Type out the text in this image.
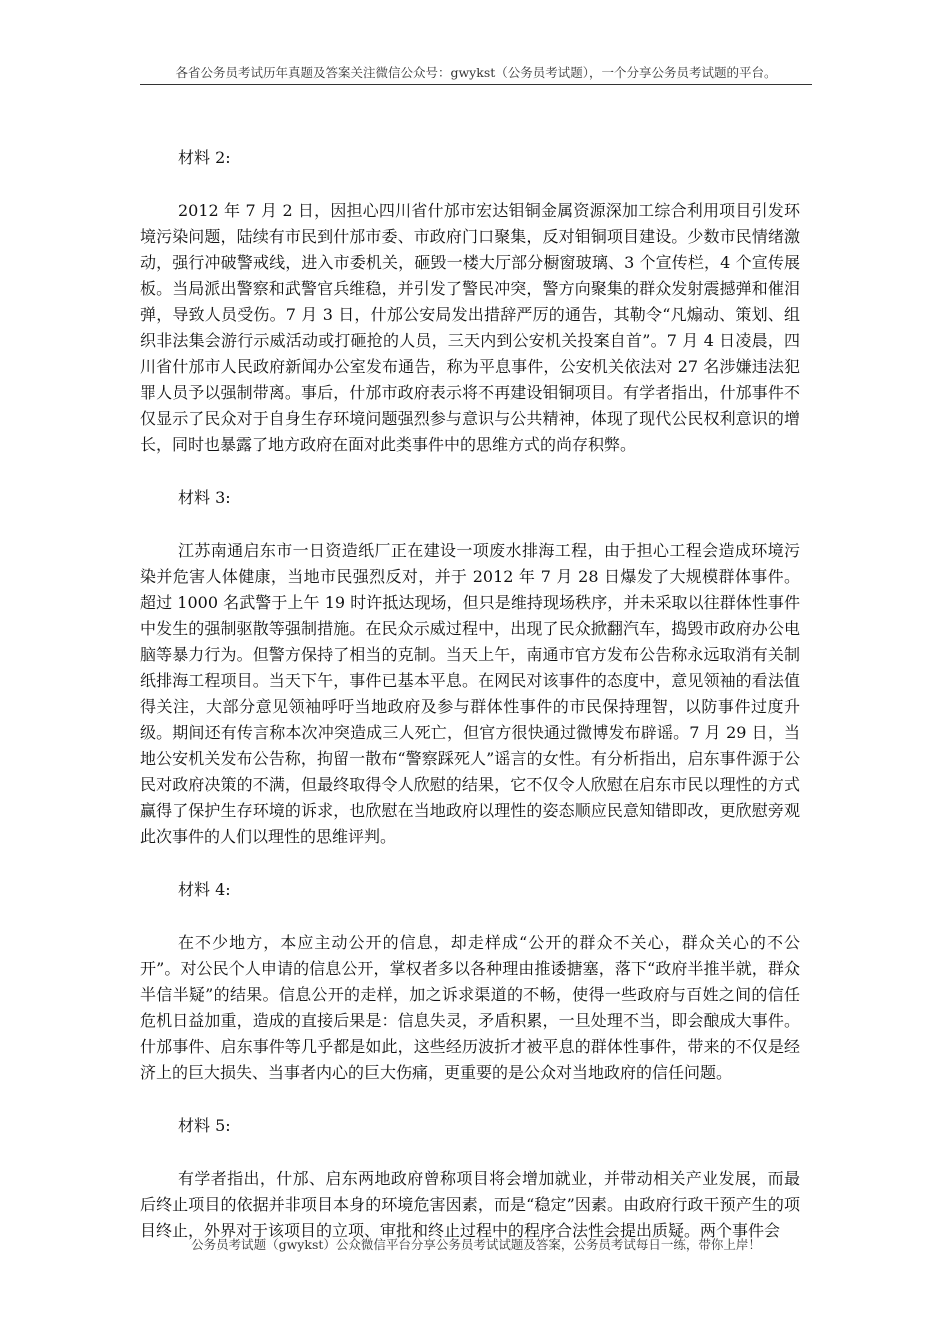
各省公务员考试历年真题及答案关注微信公众号：gwykst（公务员考试题），一个分享公务员考试题的平台。

材料 2:

2012 年 7 月 2 日，因担心四川省什邡市宏达钼铜金属资源深加工综合利用项目引发环境污染问题，陆续有市民到什邡市委、市政府门口聚集，反对钼铜项目建设。少数市民情绪激动，强行冲破警戒线，进入市委机关，砸毁一楼大厅部分橱窗玻璃、3 个宣传栏，4 个宣传展板。当局派出警察和武警官兵维稳，并引发了警民冲突，警方向聚集的群众发射震撼弹和催泪弹，导致人员受伤。7 月 3 日，什邡公安局发出措辞严厉的通告，其勒令“凡煽动、策划、组织非法集会游行示威活动或打砸抢的人员，三天内到公安机关投案自首”。7 月 4 日凌晨，四川省什邡市人民政府新闻办公室发布通告，称为平息事件，公安机关依法对 27 名涉嫌违法犯罪人员予以强制带离。事后，什邡市政府表示将不再建设钼铜项目。有学者指出，什邡事件不仅显示了民众对于自身生存环境问题强烈参与意识与公共精神，体现了现代公民权利意识的增长，同时也暴露了地方政府在面对此类事件中的思维方式的尚存积弊。

材料 3:

江苏南通启东市一日资造纸厂正在建设一项废水排海工程，由于担心工程会造成环境污染并危害人体健康，当地市民强烈反对，并于 2012 年 7 月 28 日爆发了大规模群体事件。超过 1000 名武警于上午 19 时许抵达现场，但只是维持现场秩序，并未采取以往群体性事件中发生的强制驱散等强制措施。在民众示威过程中，出现了民众掀翻汽车，捣毁市政府办公电脑等暴力行为。但警方保持了相当的克制。当天上午，南通市官方发布公告称永远取消有关制纸排海工程项目。当天下午，事件已基本平息。在网民对该事件的态度中，意见领袖的看法值得关注，大部分意见领袖呼吁当地政府及参与群体性事件的市民保持理智，以防事件过度升级。期间还有传言称本次冲突造成三人死亡，但官方很快通过微博发布辟谣。7 月 29 日，当地公安机关发布公告称，拘留一散布“警察踩死人”谣言的女性。有分析指出，启东事件源于公民对政府决策的不满，但最终取得令人欣慰的结果，它不仅令人欣慰在启东市民以理性的方式赢得了保护生存环境的诉求，也欣慰在当地政府以理性的姿态顺应民意知错即改，更欣慰旁观此次事件的人们以理性的思维评判。

材料 4:

在不少地方，本应主动公开的信息，却走样成“公开的群众不关心，群众关心的不公开”。对公民个人申请的信息公开，掌权者多以各种理由推诿搪塞，落下“政府半推半就，群众半信半疑”的结果。信息公开的走样，加之诉求渠道的不畅，使得一些政府与百姓之间的信任危机日益加重，造成的直接后果是：信息失灵，矛盾积累，一旦处理不当，即会酿成大事件。什邡事件、启东事件等几乎都是如此，这些经历波折才被平息的群体性事件，带来的不仅是经济上的巨大损失、当事者内心的巨大伤痛，更重要的是公众对当地政府的信任问题。

材料 5:

有学者指出，什邡、启东两地政府曾称项目将会增加就业，并带动相关产业发展，而最后终止项目的依据并非项目本身的环境危害因素，而是“稳定”因素。由政府行政干预产生的项目终止，外界对于该项目的立项、审批和终止过程中的程序合法性会提出质疑。两个事件会

公务员考试题（gwykst）公众微信平台分享公务员考试试题及答案，公务员考试每日一练，带你上岸！
